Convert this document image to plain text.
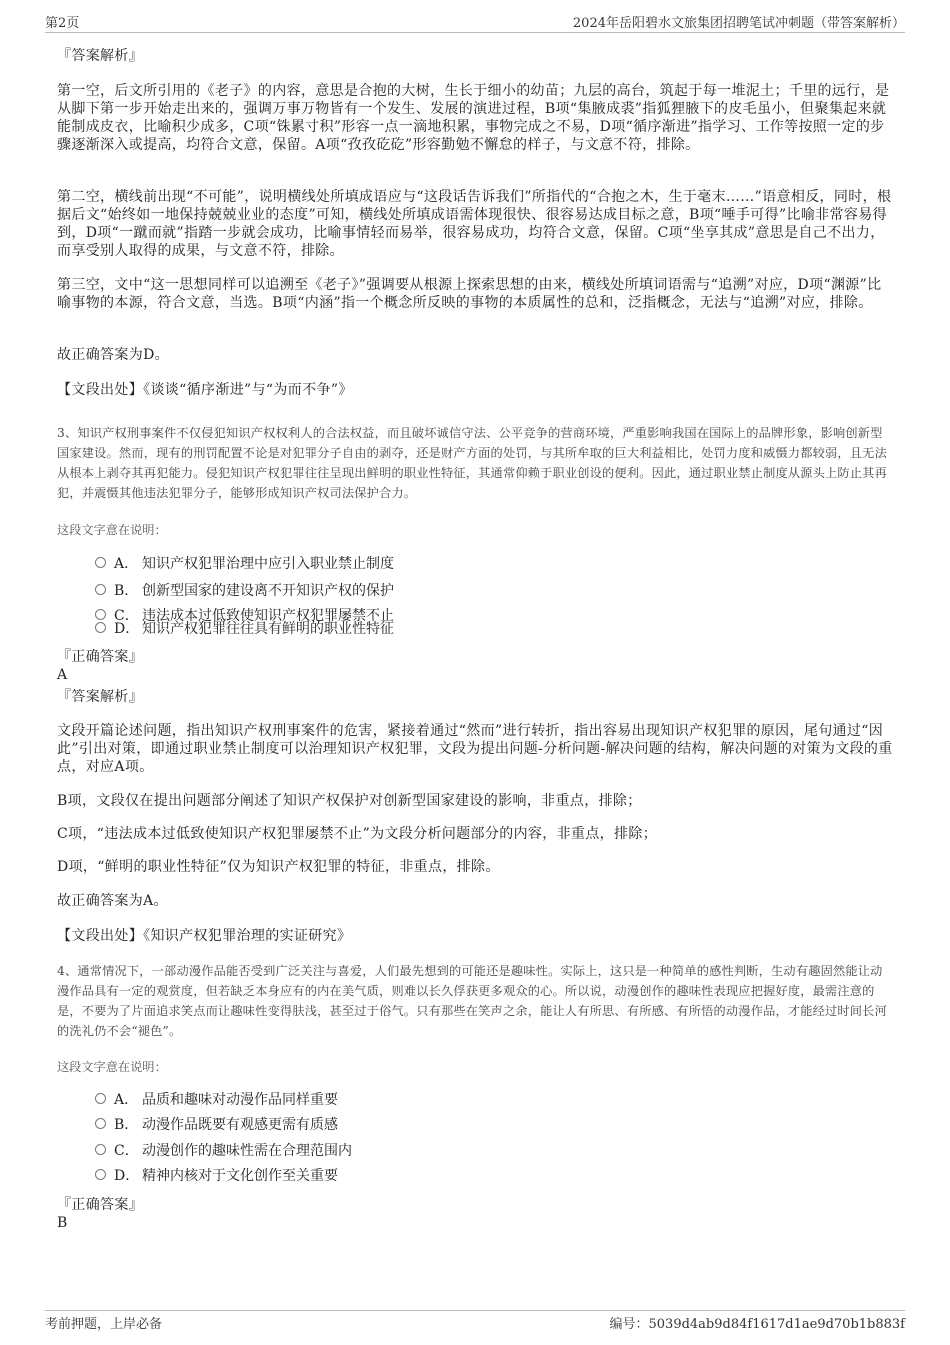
第2页	2024年岳阳碧水文旅集团招聘笔试冲刺题（带答案解析）
『答案解析』

第一空，后文所引用的《老子》的内容，意思是合抱的大树，生长于细小的幼苗；九层的高台，筑起于每一堆泥土；千里的远行，是从脚下第一步开始走出来的，强调万事万物皆有一个发生、发展的演进过程，B项“集腋成裘”指狐狸腋下的皮毛虽小，但聚集起来就能制成皮衣，比喻积少成多，C项“铢累寸积”形容一点一滴地积累，事物完成之不易，D项“循序渐进”指学习、工作等按照一定的步骤逐渐深入或提高，均符合文意，保留。A项“孜孜矻矻”形容勤勉不懈怠的样子，与文意不符，排除。

第二空，横线前出现“不可能”，说明横线处所填成语应与“这段话告诉我们”所指代的“合抱之木，生于毫末……”语意相反，同时，根据后文“始终如一地保持兢兢业业的态度”可知，横线处所填成语需体现很快、很容易达成目标之意，B项“唾手可得”比喻非常容易得到，D项“一蹴而就”指踏一步就会成功，比喻事情轻而易举，很容易成功，均符合文意，保留。C项“坐享其成”意思是自己不出力，而享受别人取得的成果，与文意不符，排除。

第三空，文中“这一思想同样可以追溯至《老子》”强调要从根源上探索思想的由来，横线处所填词语需与“追溯”对应，D项“渊源”比喻事物的本源，符合文意，当选。B项“内涵”指一个概念所反映的事物的本质属性的总和，泛指概念，无法与“追溯”对应，排除。

故正确答案为D。

【文段出处】《谈谈“循序渐进”与“为而不争”》

3、知识产权刑事案件不仅侵犯知识产权权利人的合法权益，而且破坏诚信守法、公平竞争的营商环境，严重影响我国在国际上的品牌形象，影响创新型国家建设。然而，现有的刑罚配置不论是对犯罪分子自由的剥夺，还是财产方面的处罚，与其所牟取的巨大利益相比，处罚力度和威慑力都较弱，且无法从根本上剥夺其再犯能力。侵犯知识产权犯罪往往呈现出鲜明的职业性特征，其通常仰赖于职业创设的便利。因此，通过职业禁止制度从源头上防止其再犯，并震慑其他违法犯罪分子，能够形成知识产权司法保护合力。

这段文字意在说明：

A． 知识产权犯罪治理中应引入职业禁止制度
B． 创新型国家的建设离不开知识产权的保护
C． 违法成本过低致使知识产权犯罪屡禁不止
D． 知识产权犯罪往往具有鲜明的职业性特征
『正确答案』
A
『答案解析』

文段开篇论述问题，指出知识产权刑事案件的危害，紧接着通过“然而”进行转折，指出容易出现知识产权犯罪的原因，尾句通过“因此”引出对策，即通过职业禁止制度可以治理知识产权犯罪，文段为提出问题-分析问题-解决问题的结构，解决问题的对策为文段的重点，对应A项。

B项，文段仅在提出问题部分阐述了知识产权保护对创新型国家建设的影响，非重点，排除；

C项，“违法成本过低致使知识产权犯罪屡禁不止”为文段分析问题部分的内容，非重点，排除；

D项，“鲜明的职业性特征”仅为知识产权犯罪的特征，非重点，排除。

故正确答案为A。

【文段出处】《知识产权犯罪治理的实证研究》

4、通常情况下，一部动漫作品能否受到广泛关注与喜爱，人们最先想到的可能还是趣味性。实际上，这只是一种简单的感性判断，生动有趣固然能让动漫作品具有一定的观赏度，但若缺乏本身应有的内在美气质，则难以长久俘获更多观众的心。所以说，动漫创作的趣味性表现应把握好度，最需注意的是，不要为了片面追求笑点而让趣味性变得肤浅，甚至过于俗气。只有那些在笑声之余，能让人有所思、有所感、有所悟的动漫作品，才能经过时间长河的洗礼仍不会“褪色”。

这段文字意在说明：

A． 品质和趣味对动漫作品同样重要
B． 动漫作品既要有观感更需有质感
C． 动漫创作的趣味性需在合理范围内
D． 精神内核对于文化创作至关重要
『正确答案』
B
考前押题，上岸必备	编号：5039d4ab9d84f1617d1ae9d70b1b883f
